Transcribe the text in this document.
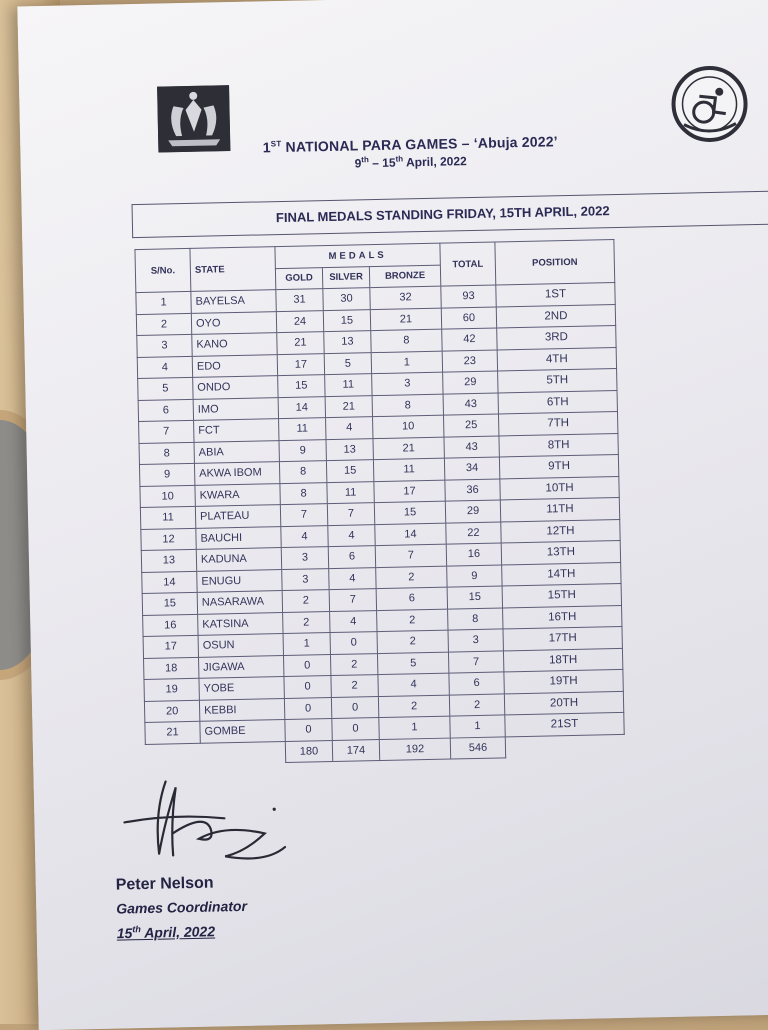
1ST NATIONAL PARA GAMES – ‘Abuja 2022’
9th – 15th April, 2022
FINAL MEDALS STANDING FRIDAY, 15TH APRIL, 2022
S/No.	STATE	MEDALS			TOTAL	POSITION
		GOLD	SILVER	BRONZE		
1	BAYELSA	31	30	32	93	1ST
2	OYO	24	15	21	60	2ND
3	KANO	21	13	8	42	3RD
4	EDO	17	5	1	23	4TH
5	ONDO	15	11	3	29	5TH
6	IMO	14	21	8	43	6TH
7	FCT	11	4	10	25	7TH
8	ABIA	9	13	21	43	8TH
9	AKWA IBOM	8	15	11	34	9TH
10	KWARA	8	11	17	36	10TH
11	PLATEAU	7	7	15	29	11TH
12	BAUCHI	4	4	14	22	12TH
13	KADUNA	3	6	7	16	13TH
14	ENUGU	3	4	2	9	14TH
15	NASARAWA	2	7	6	15	15TH
16	KATSINA	2	4	2	8	16TH
17	OSUN	1	0	2	3	17TH
18	JIGAWA	0	2	5	7	18TH
19	YOBE	0	2	4	6	19TH
20	KEBBI	0	0	2	2	20TH
21	GOMBE	0	0	1	1	21ST
		180	174	192	546	
Peter Nelson
Games Coordinator
15th April, 2022
